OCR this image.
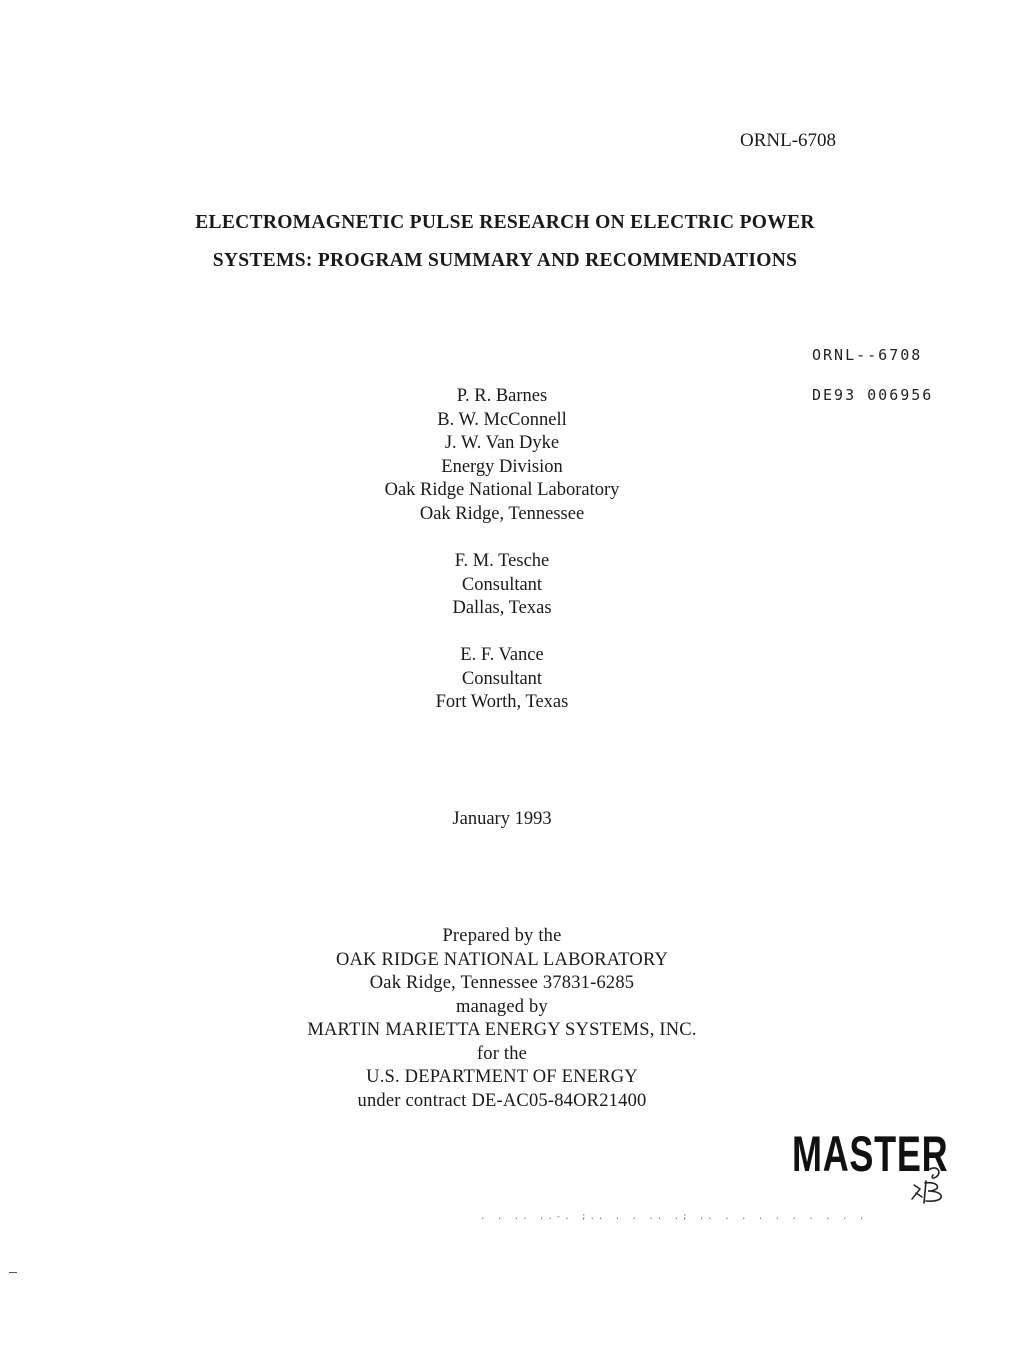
ORNL-6708
ELECTROMAGNETIC PULSE RESEARCH ON ELECTRIC POWER
SYSTEMS: PROGRAM SUMMARY AND RECOMMENDATIONS
ORNL--6708
DE93 006956
P. R. Barnes
B. W. McConnell
J. W. Van Dyke
Energy Division
Oak Ridge National Laboratory
Oak Ridge, Tennessee
F. M. Tesche
Consultant
Dallas, Texas
E. F. Vance
Consultant
Fort Worth, Texas
January 1993
Prepared by the
OAK RIDGE NATIONAL LABORATORY
Oak Ridge, Tennessee 37831-6285
managed by
MARTIN MARIETTA ENERGY SYSTEMS, INC.
for the
U.S. DEPARTMENT OF ENERGY
under contract DE-AC05-84OR21400
MASTER
. . .. ..-. ;.. . . .. .; .. . . . . . . . . .
